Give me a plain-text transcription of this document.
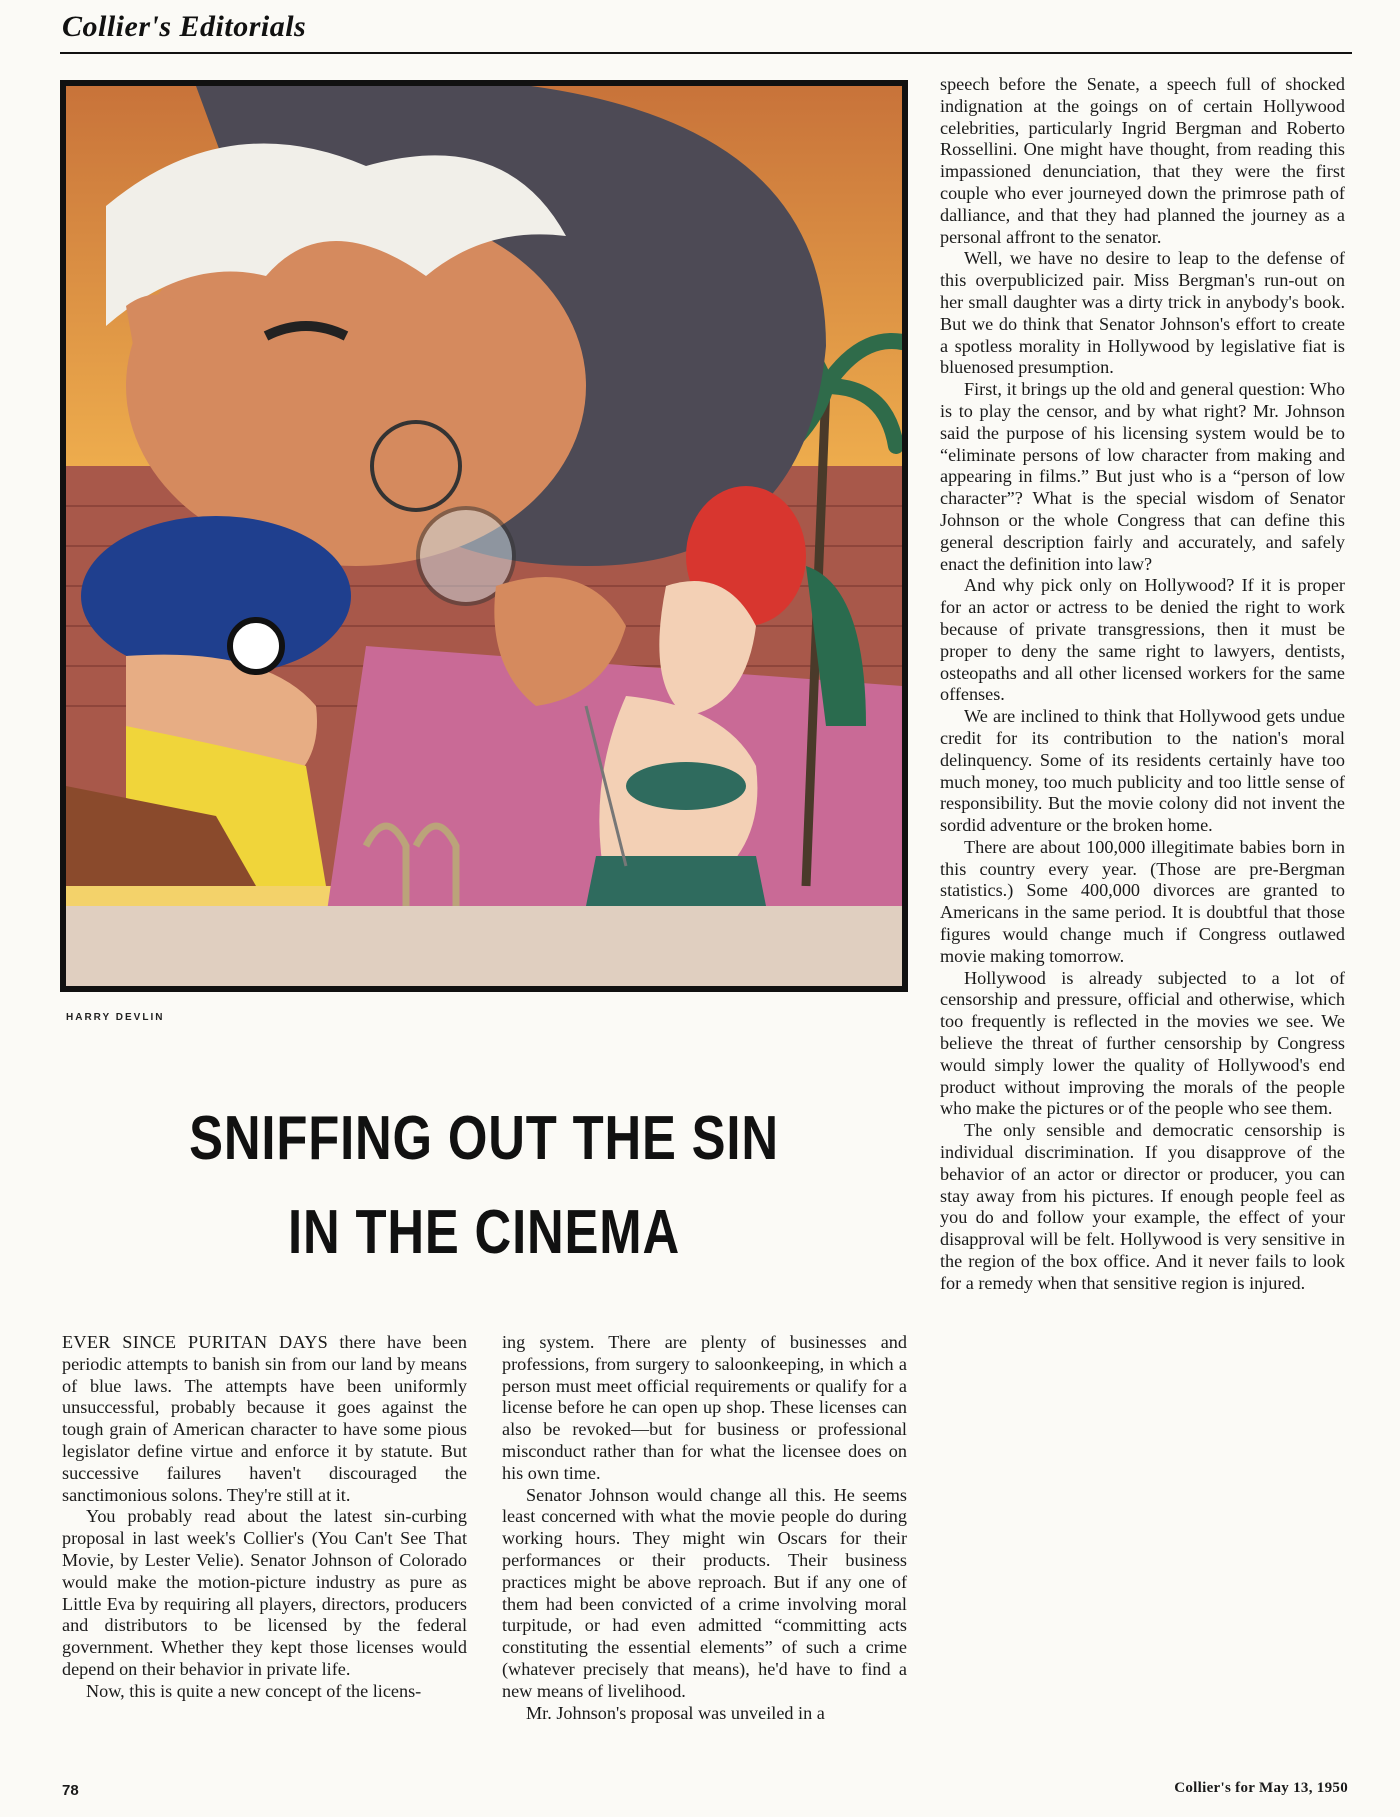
Collier's Editorials
HARRY DEVLIN
SNIFFING OUT THE SIN
IN THE CINEMA

EVER SINCE PURITAN DAYS there have been periodic attempts to banish sin from our land by means of blue laws. The attempts have been uniformly unsuccessful, probably because it goes against the tough grain of American character to have some pious legislator define virtue and enforce it by statute. But successive failures haven't discouraged the sanctimonious solons. They're still at it.

You probably read about the latest sin-curbing proposal in last week's Collier's (You Can't See That Movie, by Lester Velie). Senator Johnson of Colorado would make the motion-picture industry as pure as Little Eva by requiring all players, directors, producers and distributors to be licensed by the federal government. Whether they kept those licenses would depend on their behavior in private life.

Now, this is quite a new concept of the licens-

ing system. There are plenty of businesses and professions, from surgery to saloonkeeping, in which a person must meet official requirements or qualify for a license before he can open up shop. These licenses can also be revoked—but for business or professional misconduct rather than for what the licensee does on his own time.

Senator Johnson would change all this. He seems least concerned with what the movie people do during working hours. They might win Oscars for their performances or their products. Their business practices might be above reproach. But if any one of them had been convicted of a crime involving moral turpitude, or had even admitted “committing acts constituting the essential elements” of such a crime (whatever precisely that means), he'd have to find a new means of livelihood.

Mr. Johnson's proposal was unveiled in a

speech before the Senate, a speech full of shocked indignation at the goings on of certain Hollywood celebrities, particularly Ingrid Bergman and Roberto Rossellini. One might have thought, from reading this impassioned denunciation, that they were the first couple who ever journeyed down the primrose path of dalliance, and that they had planned the journey as a personal affront to the senator.

Well, we have no desire to leap to the defense of this overpublicized pair. Miss Bergman's run-out on her small daughter was a dirty trick in anybody's book. But we do think that Senator Johnson's effort to create a spotless morality in Hollywood by legislative fiat is bluenosed presumption.

First, it brings up the old and general question: Who is to play the censor, and by what right? Mr. Johnson said the purpose of his licensing system would be to “eliminate persons of low character from making and appearing in films.” But just who is a “person of low character”? What is the special wisdom of Senator Johnson or the whole Congress that can define this general description fairly and accurately, and safely enact the definition into law?

And why pick only on Hollywood? If it is proper for an actor or actress to be denied the right to work because of private transgressions, then it must be proper to deny the same right to lawyers, dentists, osteopaths and all other licensed workers for the same offenses.

We are inclined to think that Hollywood gets undue credit for its contribution to the nation's moral delinquency. Some of its residents certainly have too much money, too much publicity and too little sense of responsibility. But the movie colony did not invent the sordid adventure or the broken home.

There are about 100,000 illegitimate babies born in this country every year. (Those are pre-Bergman statistics.) Some 400,000 divorces are granted to Americans in the same period. It is doubtful that those figures would change much if Congress outlawed movie making tomorrow.

Hollywood is already subjected to a lot of censorship and pressure, official and otherwise, which too frequently is reflected in the movies we see. We believe the threat of further censorship by Congress would simply lower the quality of Hollywood's end product without improving the morals of the people who make the pictures or of the people who see them.

The only sensible and democratic censorship is individual discrimination. If you disapprove of the behavior of an actor or director or producer, you can stay away from his pictures. If enough people feel as you do and follow your example, the effect of your disapproval will be felt. Hollywood is very sensitive in the region of the box office. And it never fails to look for a remedy when that sensitive region is injured.

78	Collier's for May 13, 1950
